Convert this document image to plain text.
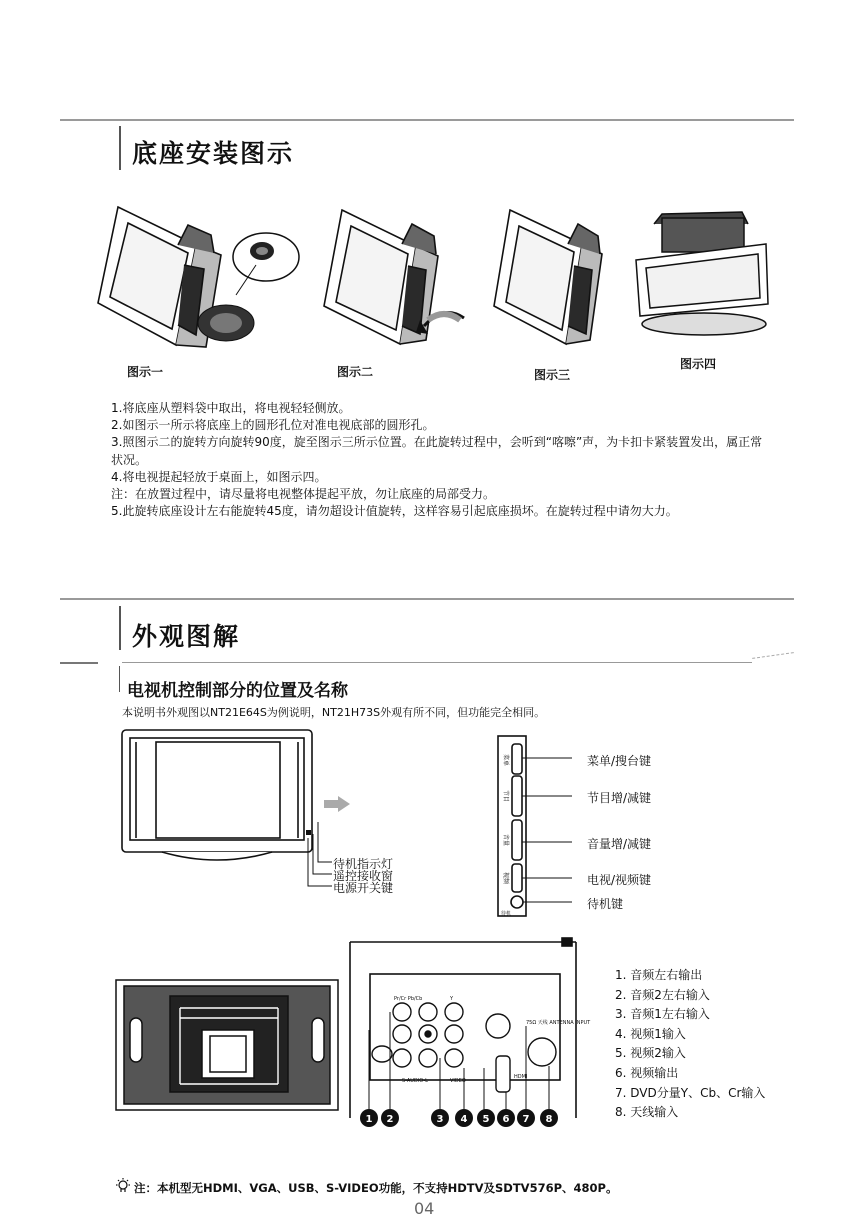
底座安装图示
图示一	图示二	图示三
图示四

1.将底座从塑料袋中取出，将电视轻轻侧放。

2.如图示一所示将底座上的圆形孔位对准电视底部的圆形孔。

3.照图示二的旋转方向旋转90度，旋至图示三所示位置。在此旋转过程中，会听到“喀嚓”声，为卡扣卡紧装置发出，属正常状况。

4.将电视提起轻放于桌面上，如图示四。

注：在放置过程中，请尽量将电视整体提起平放，勿让底座的局部受力。

5.此旋转底座设计左右能旋转45度，请勿超设计值旋转，这样容易引起底座损坏。在旋转过程中请勿大力。

外观图解
电视机控制部分的位置及名称
本说明书外观图以NT21E64S为例说明，NT21H73S外观有所不同，但功能完全相同。
待机指示灯
遥控接收窗
电源开关键
菜单
节目
音量
视频
待机
菜单/搜台键
节目增/减键
音量增/减键
电视/视频键
待机键
Pr/Cr Pb/Cb	Y
75Ω 天线 ANTENNA INPUT
S-AUDIO-L	VIDEO
HDMI
1 2	3 4 5 6 7 8
1. 音频左右输出
2. 音频2左右输入
3. 音频1左右输入
4. 视频1输入
5. 视频2输入
6. 视频输出
7. DVD分量Y、Cb、Cr输入
8. 天线输入
注：本机型无HDMI、VGA、USB、S-VIDEO功能，不支持HDTV及SDTV576P、480P。
04
